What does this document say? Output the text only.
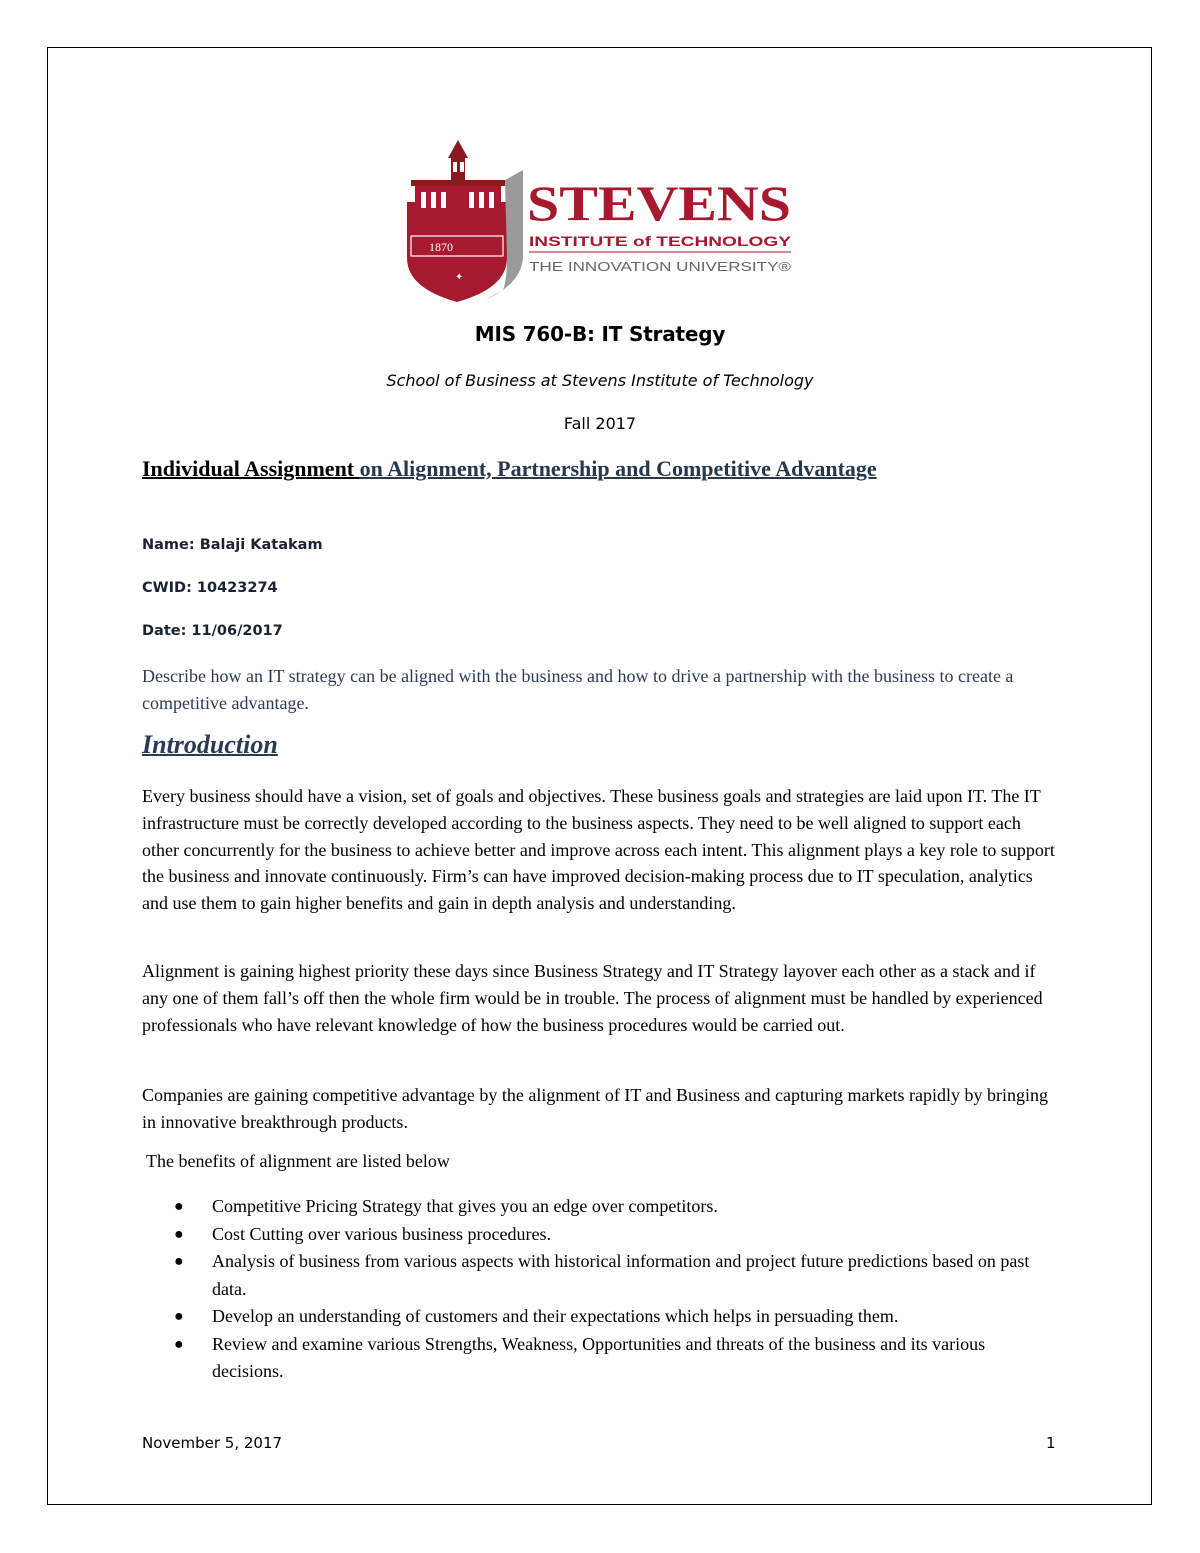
1870
✦
STEVENS
INSTITUTE of TECHNOLOGY
THE INNOVATION UNIVERSITY®
MIS 760-B: IT Strategy
School of Business at Stevens Institute of Technology
Fall 2017
Individual Assignment on Alignment, Partnership and Competitive Advantage
Name: Balaji Katakam
CWID: 10423274
Date: 11/06/2017
Describe how an IT strategy can be aligned with the business and how to drive a partnership with the business to create a competitive advantage.
Introduction
Every business should have a vision, set of goals and objectives. These business goals and strategies are laid upon IT. The IT infrastructure must be correctly developed according to the business aspects. They need to be well aligned to support each other concurrently for the business to achieve better and improve across each intent. This alignment plays a key role to support the business and innovate continuously. Firm’s can have improved decision-making process due to IT speculation, analytics and use them to gain higher benefits and gain in depth analysis and understanding.
Alignment is gaining highest priority these days since Business Strategy and IT Strategy layover each other as a stack and if any one of them fall’s off then the whole firm would be in trouble. The process of alignment must be handled by experienced professionals who have relevant knowledge of how the business procedures would be carried out.
Companies are gaining competitive advantage by the alignment of IT and Business and capturing markets rapidly by bringing in innovative breakthrough products.
The benefits of alignment are listed below
● Competitive Pricing Strategy that gives you an edge over competitors.
● Cost Cutting over various business procedures.
● Analysis of business from various aspects with historical information and project future predictions based on past data.
● Develop an understanding of customers and their expectations which helps in persuading them.
● Review and examine various Strengths, Weakness, Opportunities and threats of the business and its various decisions.
November 5, 2017	1
